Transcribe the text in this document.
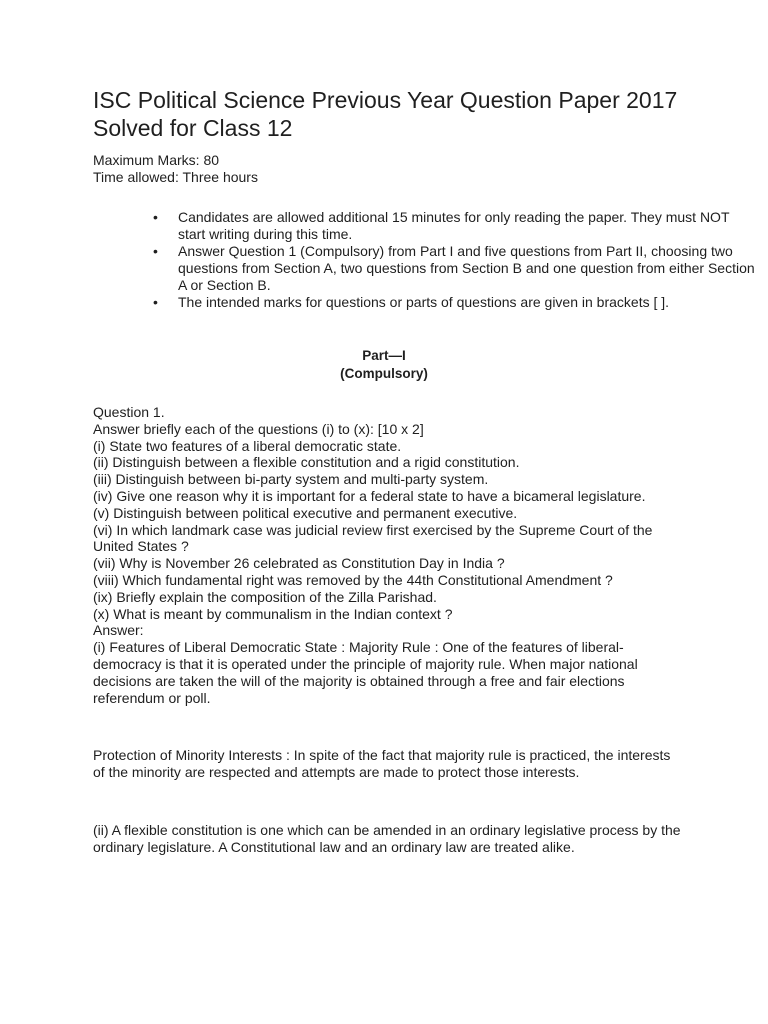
ISC Political Science Previous Year Question Paper 2017 Solved for Class 12
Maximum Marks: 80
Time allowed: Three hours
• Candidates are allowed additional 15 minutes for only reading the paper. They must NOT start writing during this time.
• Answer Question 1 (Compulsory) from Part I and five questions from Part II, choosing two questions from Section A, two questions from Section B and one question from either Section A or Section B.
• The intended marks for questions or parts of questions are given in brackets [ ].
Part—I
(Compulsory)

Question 1.

Answer briefly each of the questions (i) to (x): [10 x 2]

(i) State two features of a liberal democratic state.

(ii) Distinguish between a flexible constitution and a rigid constitution.

(iii) Distinguish between bi-party system and multi-party system.

(iv) Give one reason why it is important for a federal state to have a bicameral legislature.

(v) Distinguish between political executive and permanent executive.

(vi) In which landmark case was judicial review first exercised by the Supreme Court of the United States ?

(vii) Why is November 26 celebrated as Constitution Day in India ?

(viii) Which fundamental right was removed by the 44th Constitutional Amendment ?

(ix) Briefly explain the composition of the Zilla Parishad.

(x) What is meant by communalism in the Indian context ?

Answer:

(i) Features of Liberal Democratic State : Majority Rule : One of the features of liberal-democracy is that it is operated under the principle of majority rule. When major national decisions are taken the will of the majority is obtained through a free and fair elections referendum or poll.

Protection of Minority Interests : In spite of the fact that majority rule is practiced, the interests of the minority are respected and attempts are made to protect those interests.

(ii) A flexible constitution is one which can be amended in an ordinary legislative process by the ordinary legislature. A Constitutional law and an ordinary law are treated alike.
